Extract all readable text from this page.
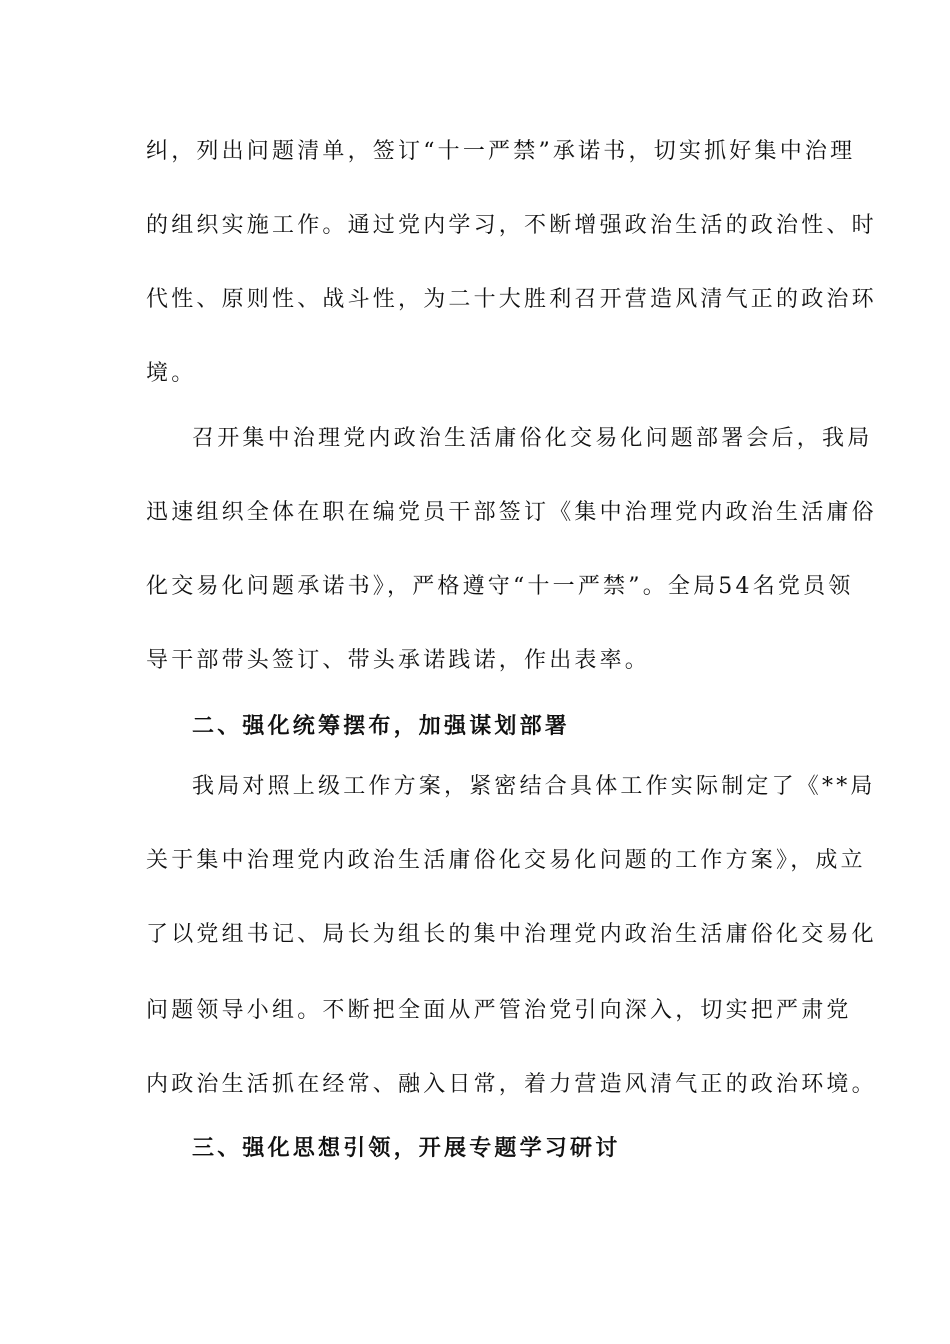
纠，列出问题清单，签订“十一严禁”承诺书，切实抓好集中治理
的组织实施工作。通过党内学习，不断增强政治生活的政治性、时
代性、原则性、战斗性，为二十大胜利召开营造风清气正的政治环
境。
召开集中治理党内政治生活庸俗化交易化问题部署会后，我局
迅速组织全体在职在编党员干部签订《集中治理党内政治生活庸俗
化交易化问题承诺书》，严格遵守“十一严禁”。全局54名党员领
导干部带头签订、带头承诺践诺，作出表率。
二、强化统筹摆布，加强谋划部署
我局对照上级工作方案，紧密结合具体工作实际制定了《**局
关于集中治理党内政治生活庸俗化交易化问题的工作方案》，成立
了以党组书记、局长为组长的集中治理党内政治生活庸俗化交易化
问题领导小组。不断把全面从严管治党引向深入，切实把严肃党
内政治生活抓在经常、融入日常，着力营造风清气正的政治环境。
三、强化思想引领，开展专题学习研讨
